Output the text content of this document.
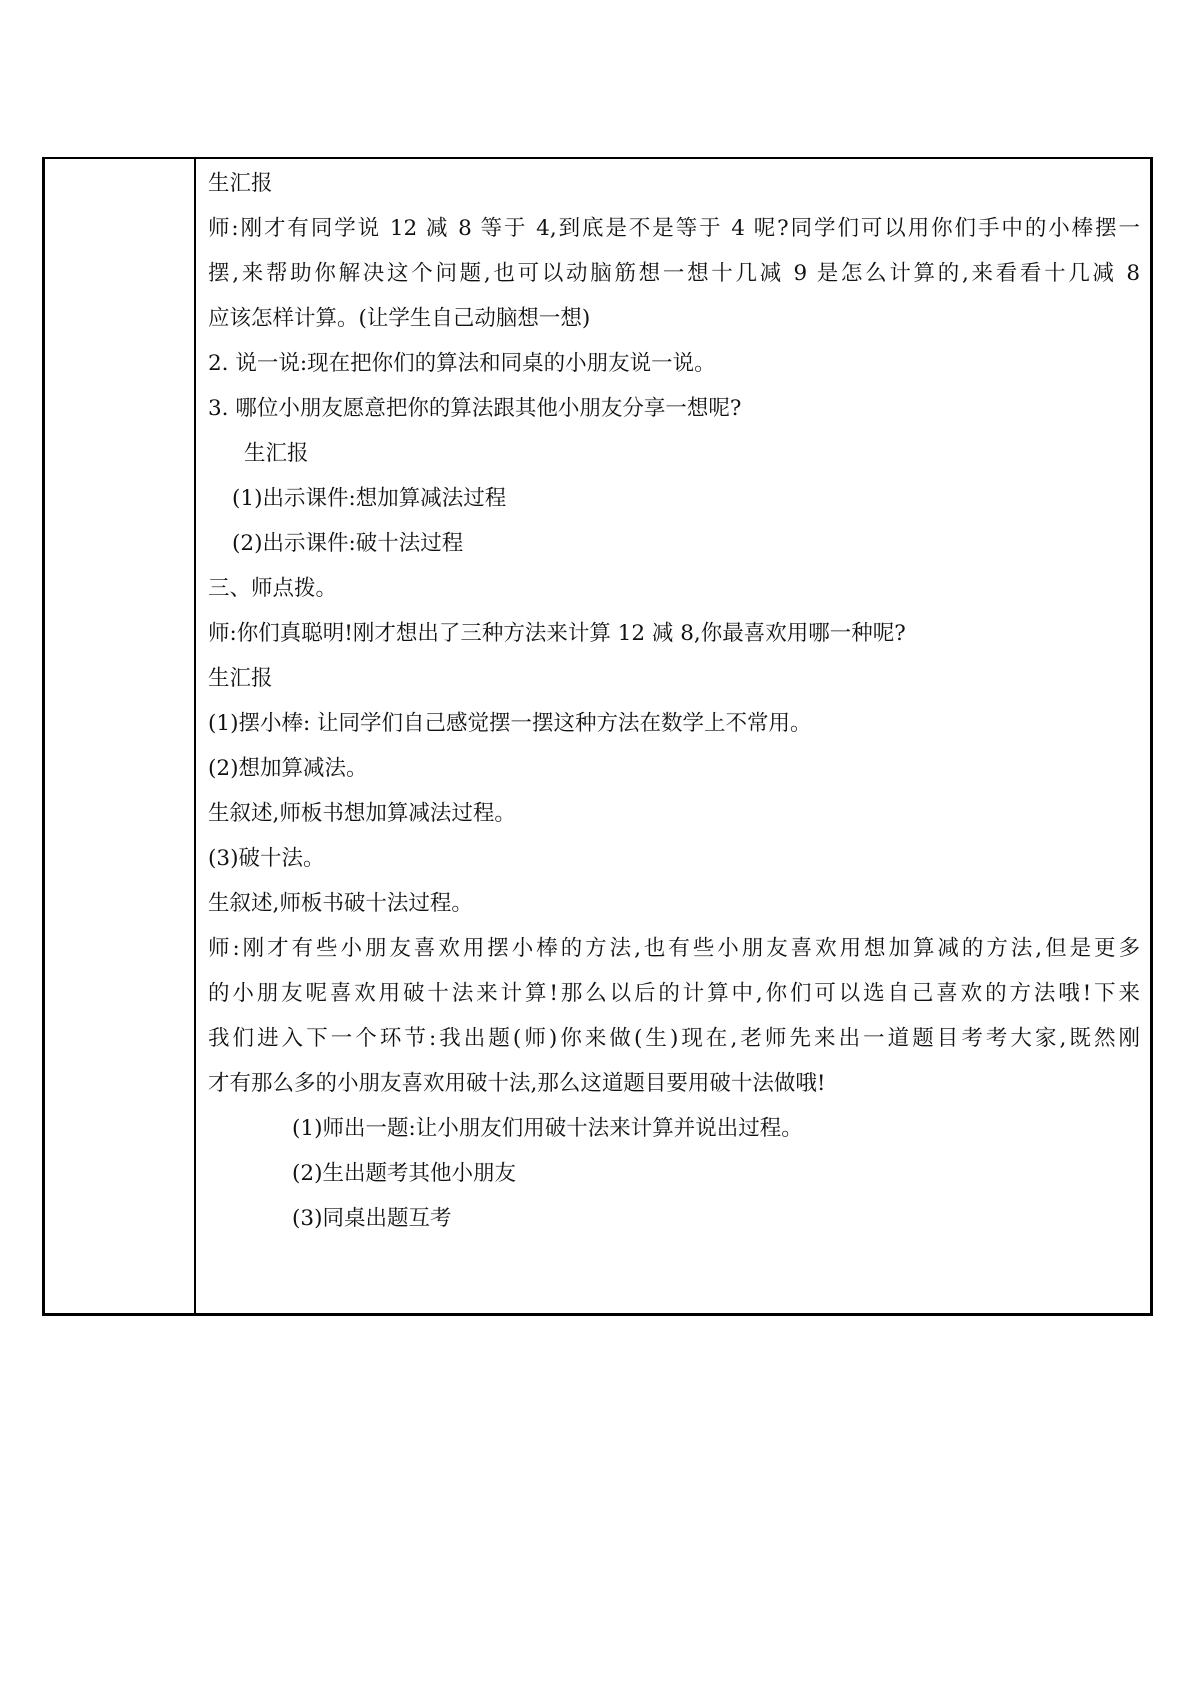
生汇报

师:刚才有同学说 12 减 8 等于 4,到底是不是等于 4 呢?同学们可以用你们手中的小棒摆一

摆,来帮助你解决这个问题,也可以动脑筋想一想十几减 9 是怎么计算的,来看看十几减 8

应该怎样计算。(让学生自己动脑想一想)

2. 说一说:现在把你们的算法和同桌的小朋友说一说。

3. 哪位小朋友愿意把你的算法跟其他小朋友分享一想呢?

生汇报

(1)出示课件:想加算减法过程

(2)出示课件:破十法过程

三、师点拨。

师:你们真聪明!刚才想出了三种方法来计算 12 减 8,你最喜欢用哪一种呢?

生汇报

(1)摆小棒: 让同学们自己感觉摆一摆这种方法在数学上不常用。

(2)想加算减法。

生叙述,师板书想加算减法过程。

(3)破十法。

生叙述,师板书破十法过程。

师:刚才有些小朋友喜欢用摆小棒的方法,也有些小朋友喜欢用想加算减的方法,但是更多

的小朋友呢喜欢用破十法来计算!那么以后的计算中,你们可以选自己喜欢的方法哦!下来

我们进入下一个环节:我出题(师)你来做(生)现在,老师先来出一道题目考考大家,既然刚

才有那么多的小朋友喜欢用破十法,那么这道题目要用破十法做哦!

(1)师出一题:让小朋友们用破十法来计算并说出过程。

(2)生出题考其他小朋友

(3)同桌出题互考
